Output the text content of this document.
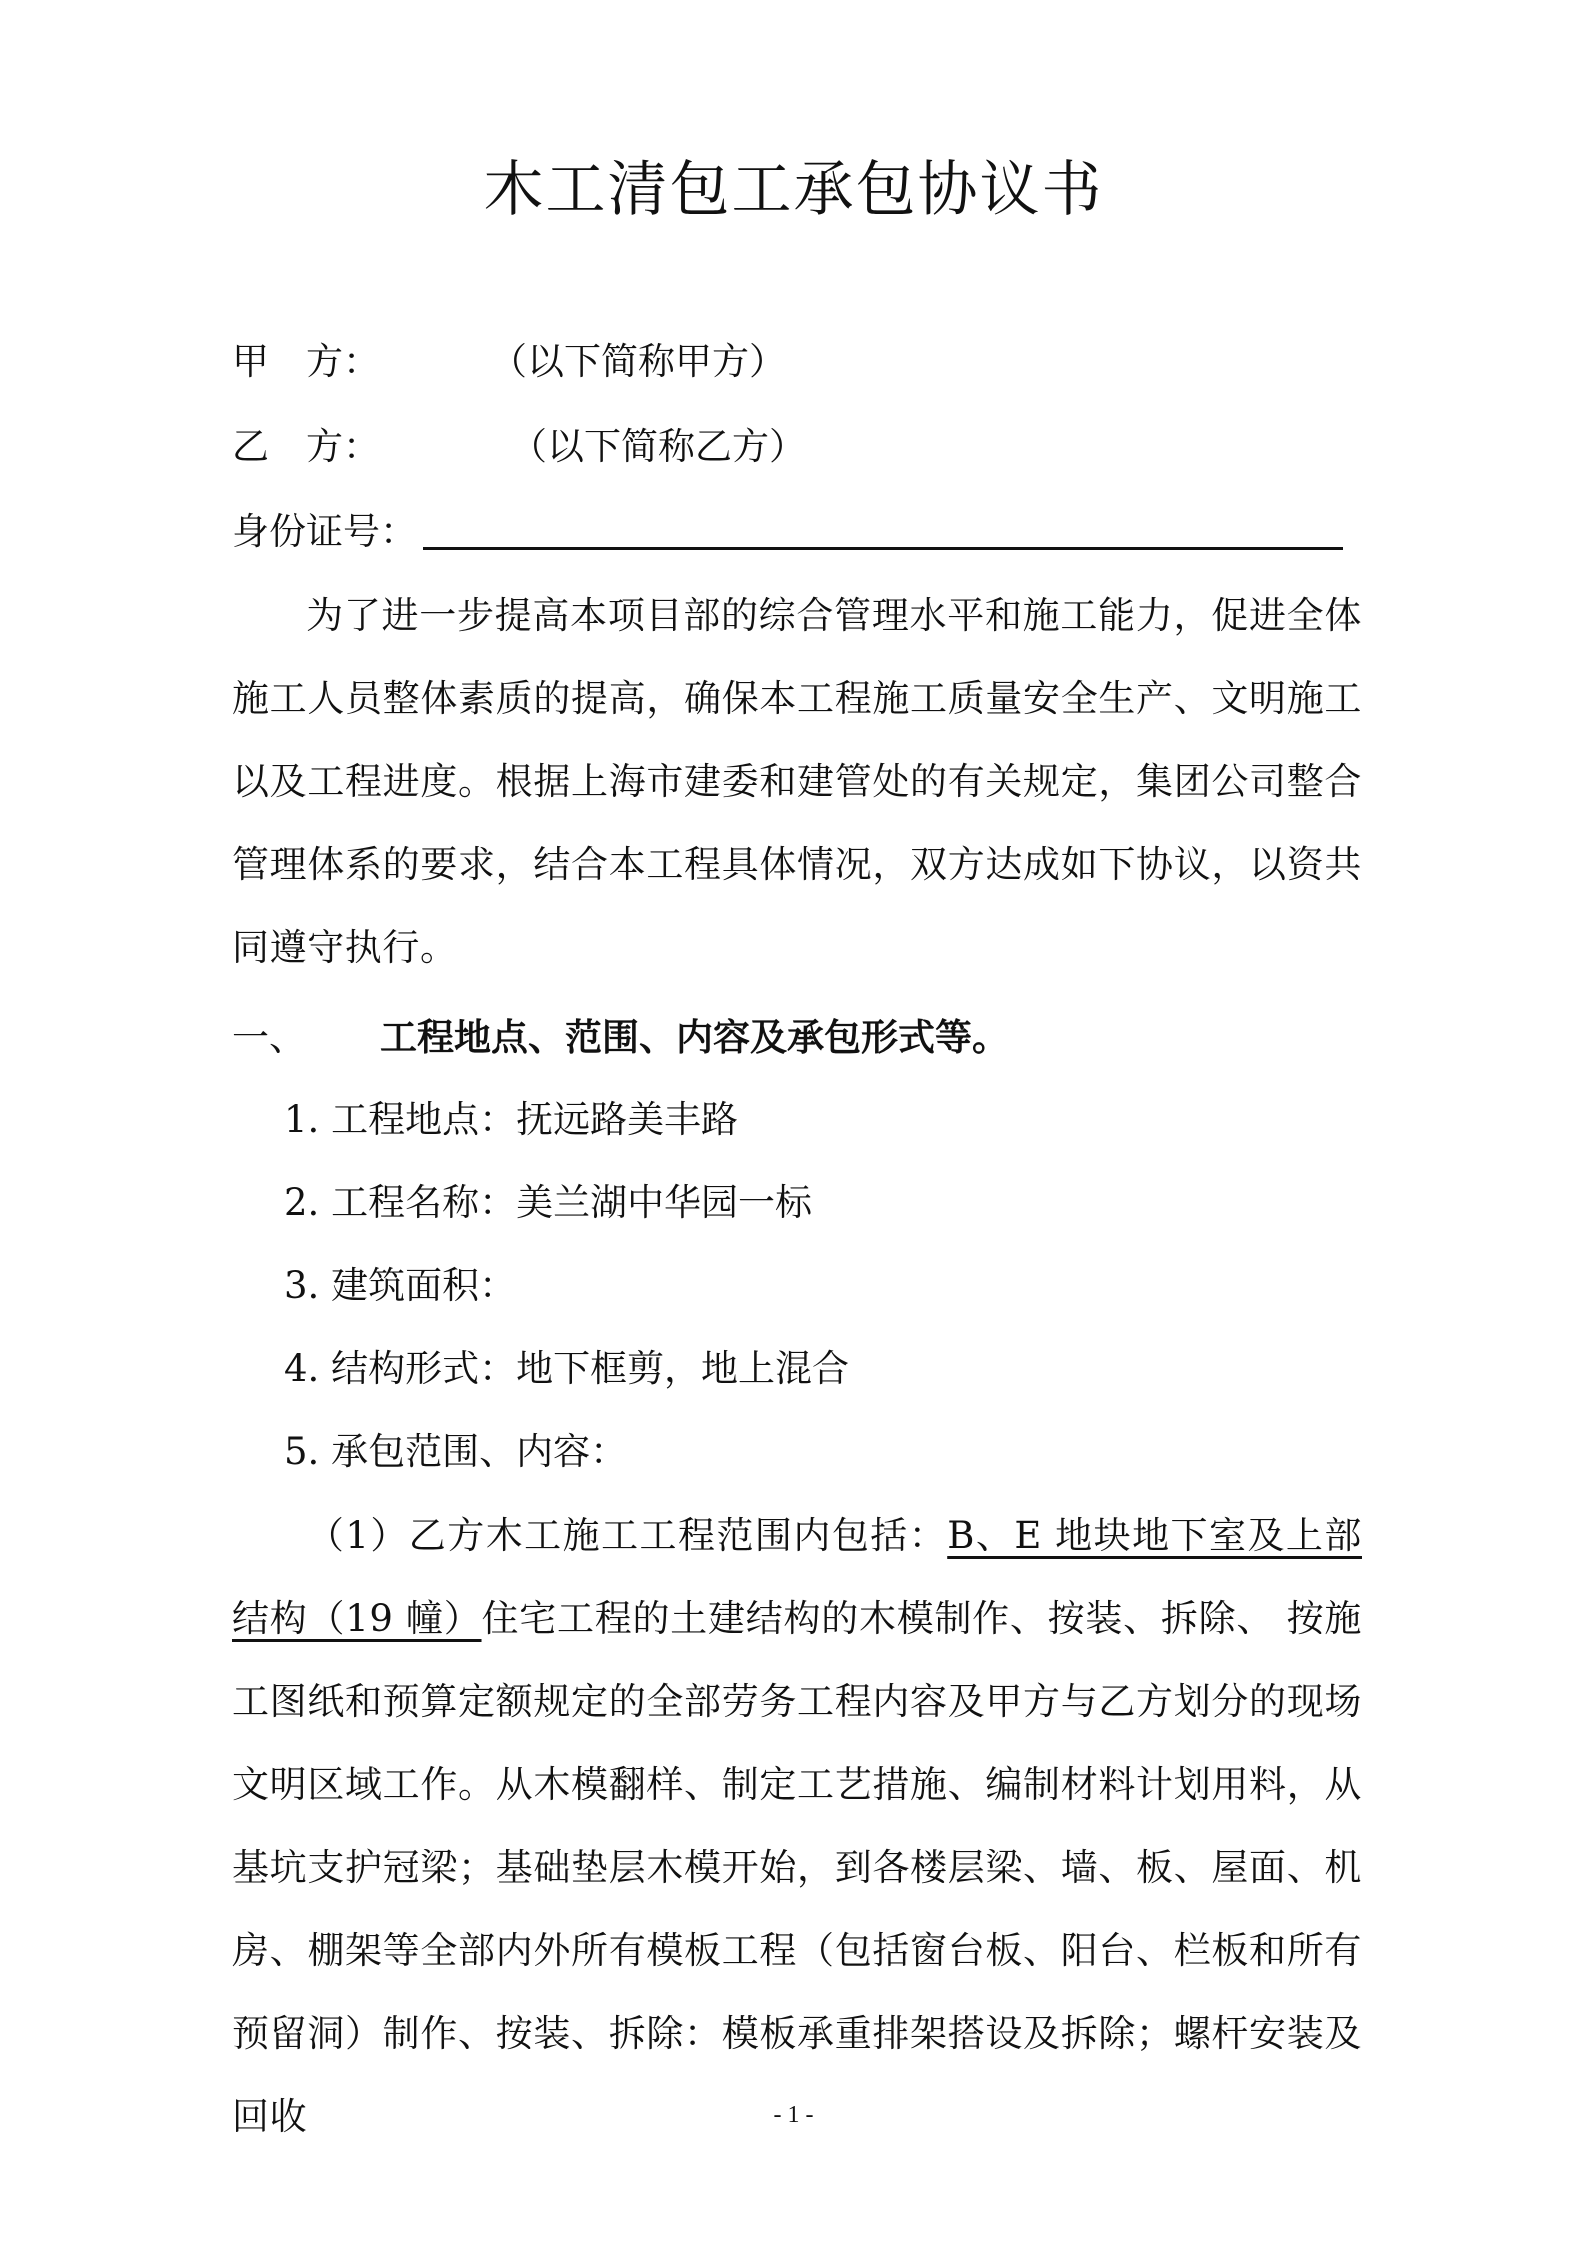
木工清包工承包协议书
甲　方：	（以下简称甲方）
乙　方：	（以下简称乙方）
身份证号：
为了进一步提高本项目部的综合管理水平和施工能力，促进全体施工人员整体素质的提高，确保本工程施工质量安全生产、文明施工以及工程进度。根据上海市建委和建管处的有关规定，集团公司整合管理体系的要求，结合本工程具体情况，双方达成如下协议，以资共同遵守执行。
一、 工程地点、范围、内容及承包形式等。
1. 工程地点：抚远路美丰路
2. 工程名称：美兰湖中华园一标
3. 建筑面积：
4. 结构形式：地下框剪，地上混合
5. 承包范围、内容：
（1）乙方木工施工工程范围内包括：B、E 地块地下室及上部结构（19 幢）住宅工程的土建结构的木模制作、按装、拆除、 按施工图纸和预算定额规定的全部劳务工程内容及甲方与乙方划分的现场文明区域工作。从木模翻样、制定工艺措施、编制材料计划用料，从基坑支护冠梁；基础垫层木模开始，到各楼层梁、墙、板、屋面、机房、棚架等全部内外所有模板工程（包括窗台板、阳台、栏板和所有预留洞）制作、按装、拆除：模板承重排架搭设及拆除；螺杆安装及回收	- 1 -
